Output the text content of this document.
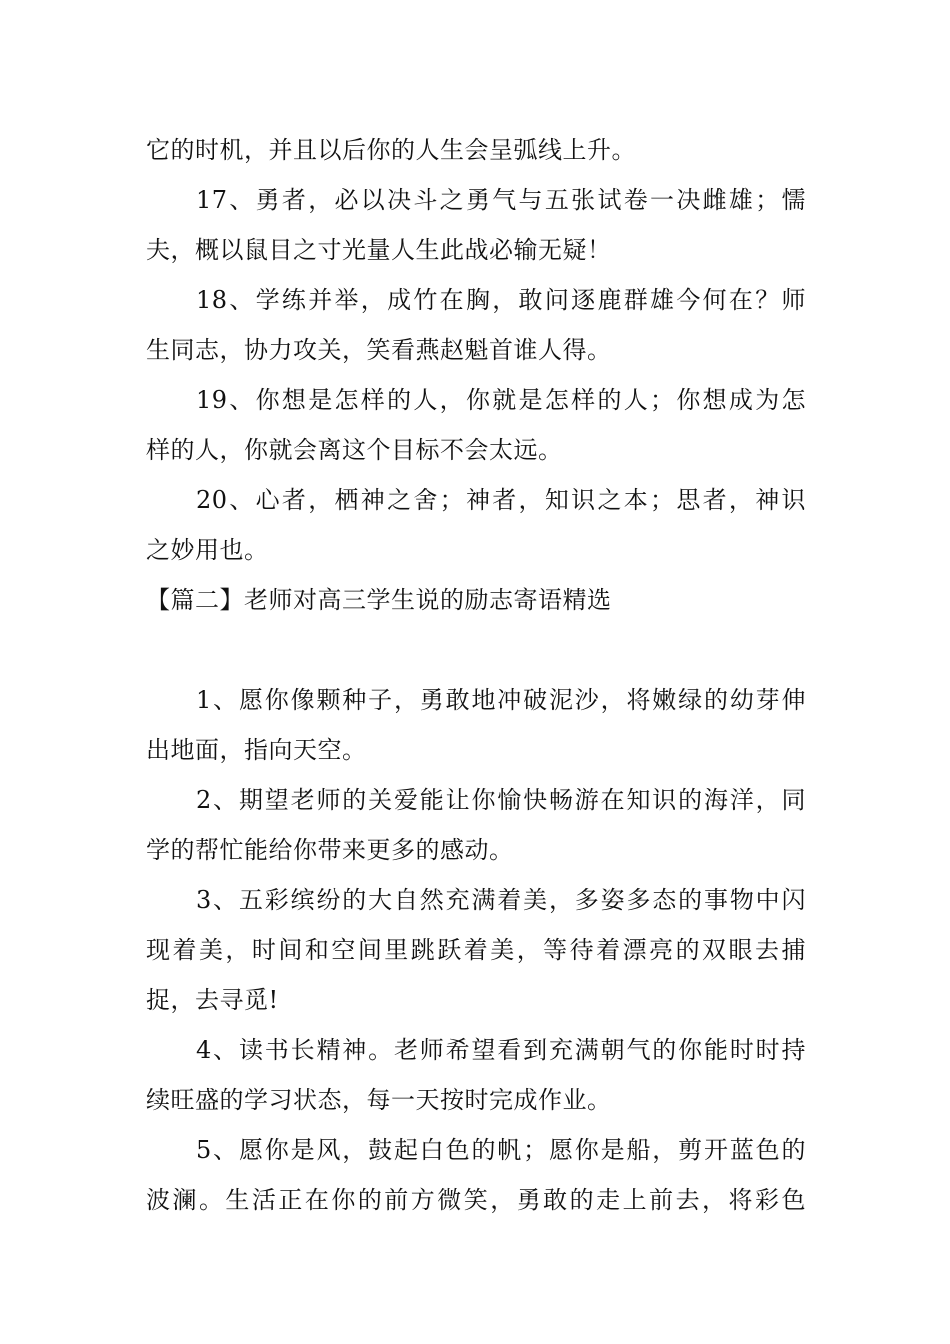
它的时机，并且以后你的人生会呈弧线上升。
17、勇者，必以决斗之勇气与五张试卷一决雌雄；懦
夫，概以鼠目之寸光量人生此战必输无疑！
18、学练并举，成竹在胸，敢问逐鹿群雄今何在？师
生同志，协力攻关，笑看燕赵魁首谁人得。
19、你想是怎样的人，你就是怎样的人；你想成为怎
样的人，你就会离这个目标不会太远。
20、心者，栖神之舍；神者，知识之本；思者，神识
之妙用也。
【篇二】老师对高三学生说的励志寄语精选
1、愿你像颗种子，勇敢地冲破泥沙，将嫩绿的幼芽伸
出地面，指向天空。
2、期望老师的关爱能让你愉快畅游在知识的海洋，同
学的帮忙能给你带来更多的感动。
3、五彩缤纷的大自然充满着美，多姿多态的事物中闪
现着美，时间和空间里跳跃着美，等待着漂亮的双眼去捕
捉，去寻觅!
4、读书长精神。老师希望看到充满朝气的你能时时持
续旺盛的学习状态，每一天按时完成作业。
5、愿你是风，鼓起白色的帆；愿你是船，剪开蓝色的
波澜。生活正在你的前方微笑，勇敢的走上前去，将彩色
